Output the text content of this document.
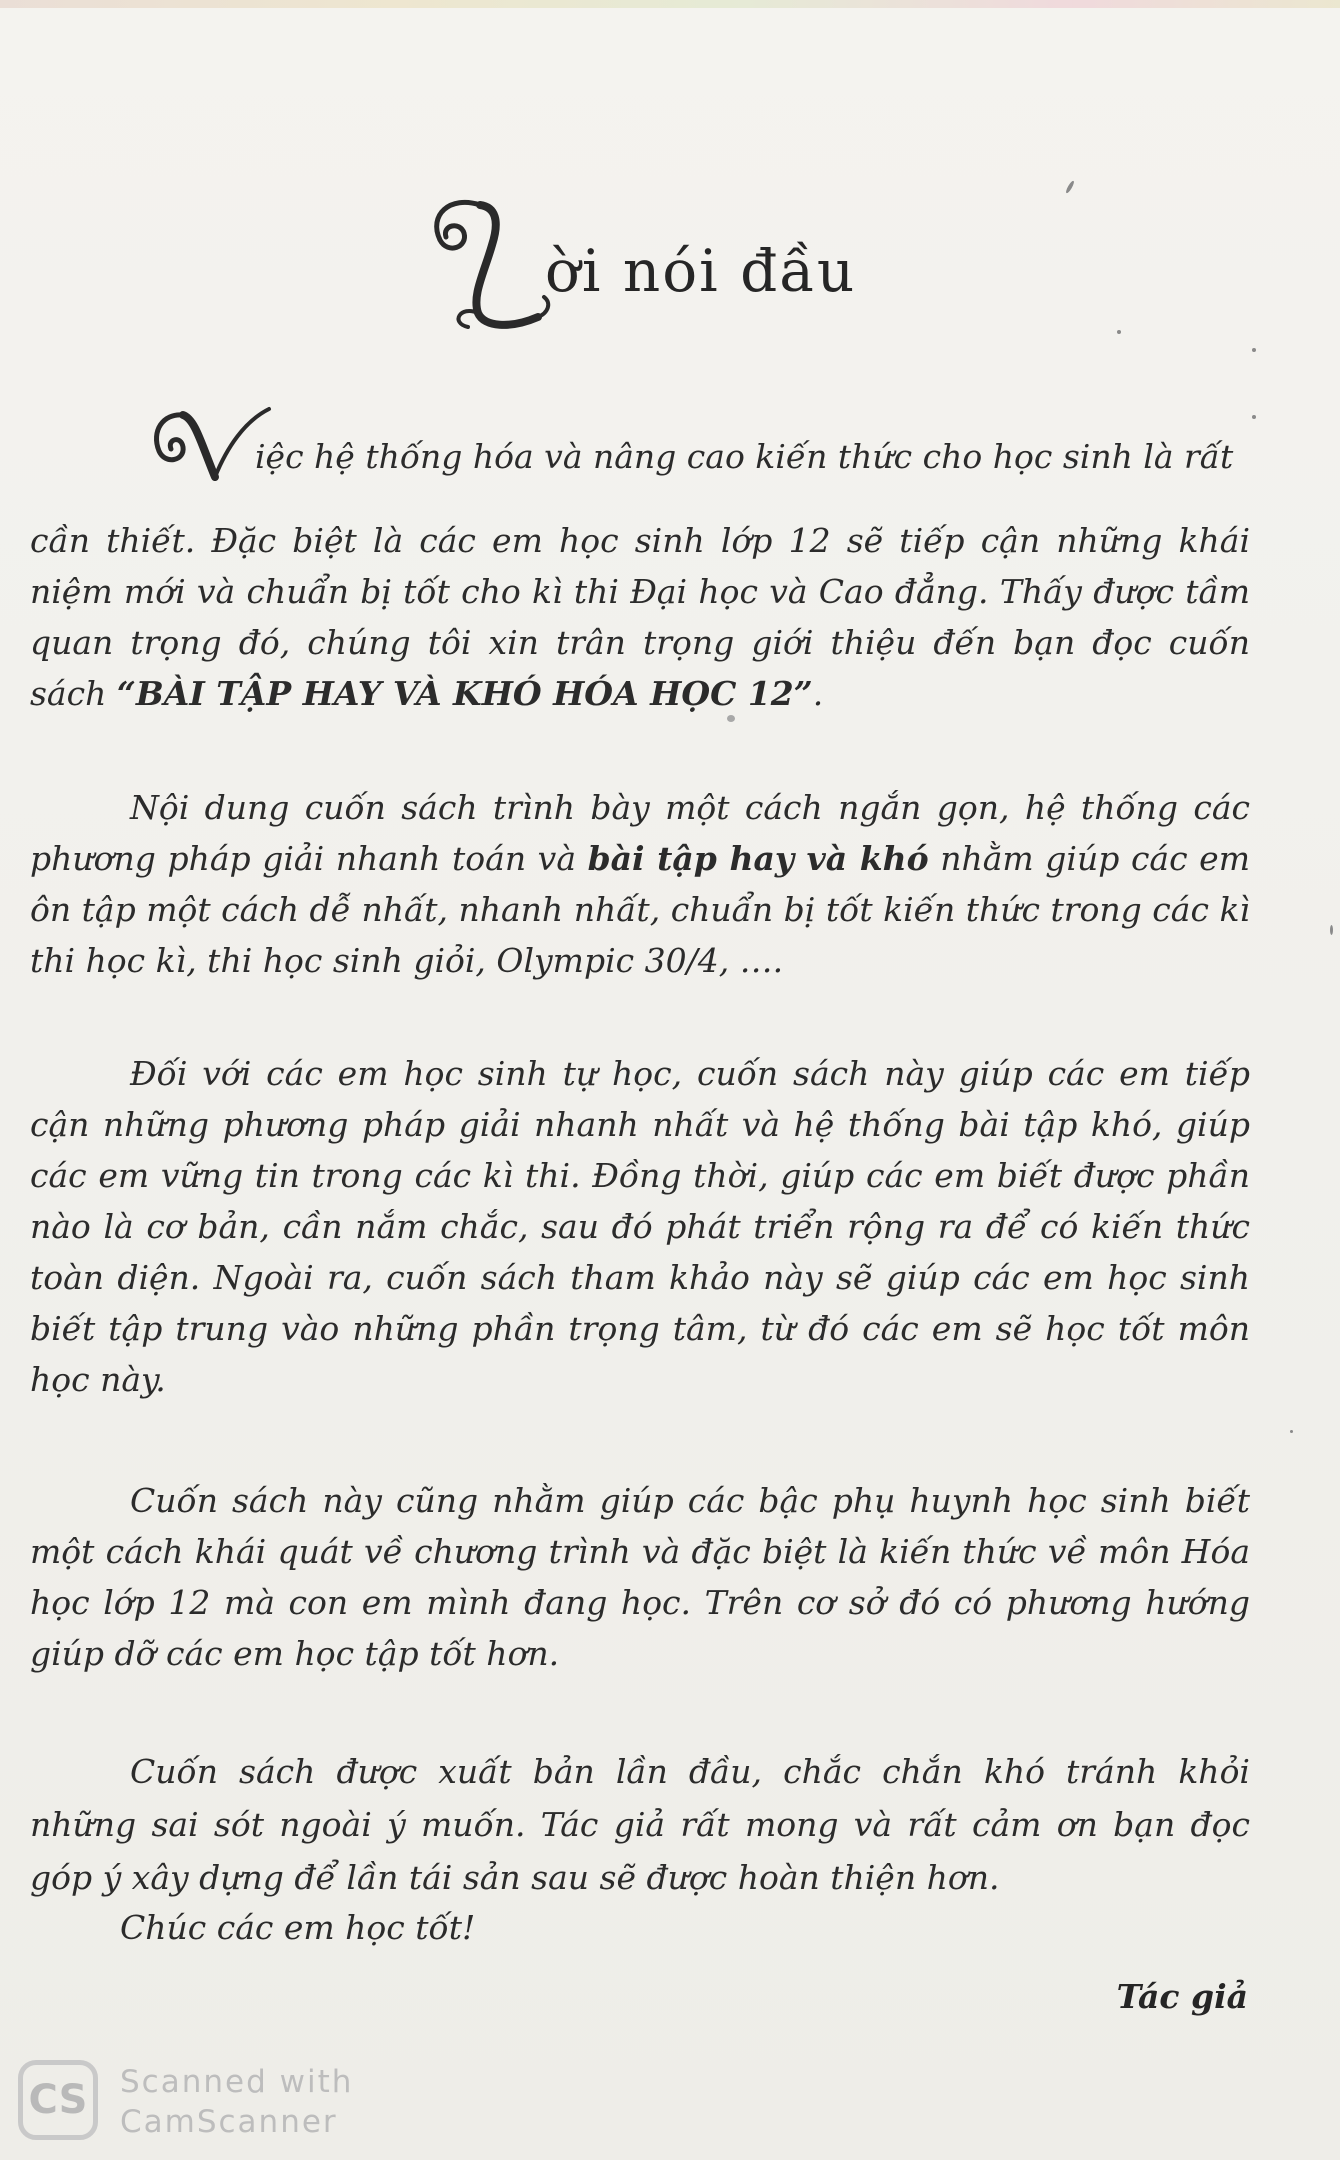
ời nói đầu
iệc hệ thống hóa và nâng cao kiến thức cho học sinh là rất
cần thiết. Đặc biệt là các em học sinh lớp 12 sẽ tiếp cận những khái niệm mới và chuẩn bị tốt cho kì thi Đại học và Cao đẳng. Thấy được tầm quan trọng đó, chúng tôi xin trân trọng giới thiệu đến bạn đọc cuốn sách “BÀI TẬP HAY VÀ KHÓ HÓA HỌC 12”.
Nội dung cuốn sách trình bày một cách ngắn gọn, hệ thống các phương pháp giải nhanh toán và bài tập hay và khó nhằm giúp các em ôn tập một cách dễ nhất, nhanh nhất, chuẩn bị tốt kiến thức trong các kì thi học kì, thi học sinh giỏi, Olympic 30/4, ….
Đối với các em học sinh tự học, cuốn sách này giúp các em tiếp cận những phương pháp giải nhanh nhất và hệ thống bài tập khó, giúp các em vững tin trong các kì thi. Đồng thời, giúp các em biết được phần nào là cơ bản, cần nắm chắc, sau đó phát triển rộng ra để có kiến thức toàn diện. Ngoài ra, cuốn sách tham khảo này sẽ giúp các em học sinh biết tập trung vào những phần trọng tâm, từ đó các em sẽ học tốt môn học này.
Cuốn sách này cũng nhằm giúp các bậc phụ huynh học sinh biết một cách khái quát về chương trình và đặc biệt là kiến thức về môn Hóa học lớp 12 mà con em mình đang học. Trên cơ sở đó có phương hướng giúp dỡ các em học tập tốt hơn.
Cuốn sách được xuất bản lần đầu, chắc chắn khó tránh khỏi những sai sót ngoài ý muốn. Tác giả rất mong và rất cảm ơn bạn đọc góp ý xây dựng để lần tái sản sau sẽ được hoàn thiện hơn.
Chúc các em học tốt!
Tác giả
CS	Scanned with
CamScanner
